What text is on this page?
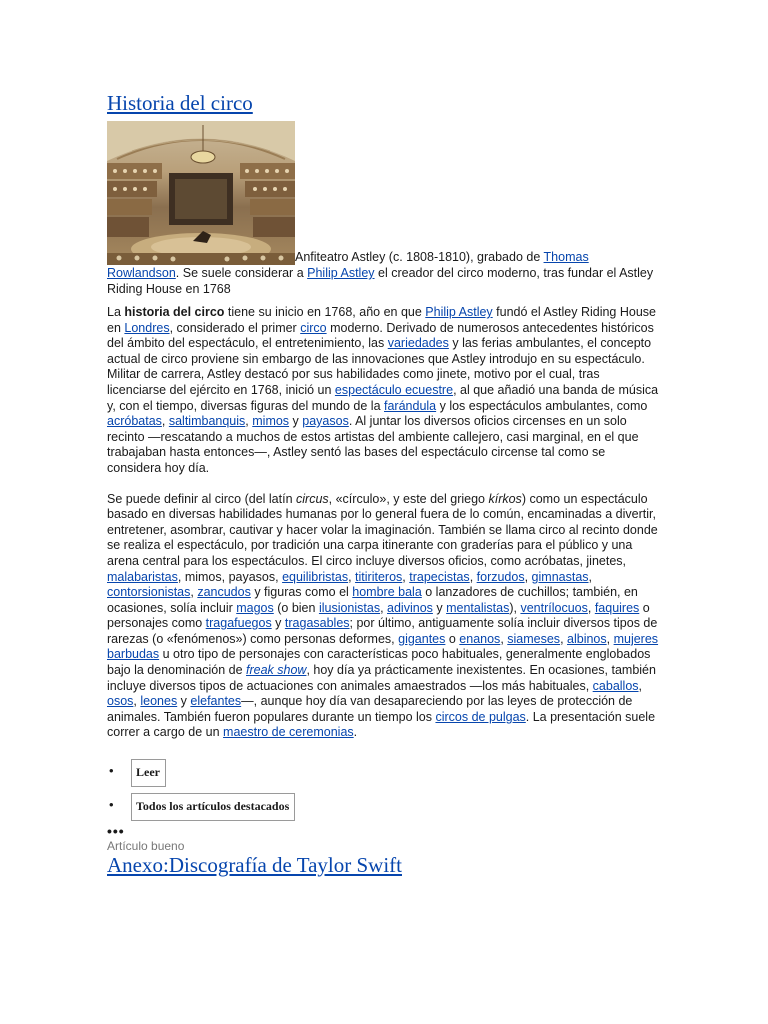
Historia del circo
Anfiteatro Astley (c. 1808-1810), grabado de Thomas Rowlandson. Se suele considerar a Philip Astley el creador del circo moderno, tras fundar el Astley Riding House en 1768

La historia del circo tiene su inicio en 1768, año en que Philip Astley fundó el Astley Riding House en Londres, considerado el primer circo moderno. Derivado de numerosos antecedentes históricos del ámbito del espectáculo, el entretenimiento, las variedades y las ferias ambulantes, el concepto actual de circo proviene sin embargo de las innovaciones que Astley introdujo en su espectáculo. Militar de carrera, Astley destacó por sus habilidades como jinete, motivo por el cual, tras licenciarse del ejército en 1768, inició un espectáculo ecuestre, al que añadió una banda de música y, con el tiempo, diversas figuras del mundo de la farándula y los espectáculos ambulantes, como acróbatas, saltimbanquis, mimos y payasos. Al juntar los diversos oficios circenses en un solo recinto —rescatando a muchos de estos artistas del ambiente callejero, casi marginal, en el que trabajaban hasta entonces—, Astley sentó las bases del espectáculo circense tal como se considera hoy día.

Se puede definir al circo (del latín circus, «círculo», y este del griego kírkos) como un espectáculo basado en diversas habilidades humanas por lo general fuera de lo común, encaminadas a divertir, entretener, asombrar, cautivar y hacer volar la imaginación. También se llama circo al recinto donde se realiza el espectáculo, por tradición una carpa itinerante con graderías para el público y una arena central para los espectáculos. El circo incluye diversos oficios, como acróbatas, jinetes, malabaristas, mimos, payasos, equilibristas, titiriteros, trapecistas, forzudos, gimnastas, contorsionistas, zancudos y figuras como el hombre bala o lanzadores de cuchillos; también, en ocasiones, solía incluir magos (o bien ilusionistas, adivinos y mentalistas), ventrílocuos, faquires o personajes como tragafuegos y tragasables; por último, antiguamente solía incluir diversos tipos de rarezas (o «fenómenos») como personas deformes, gigantes o enanos, siameses, albinos, mujeres barbudas u otro tipo de personajes con características poco habituales, generalmente englobados bajo la denominación de freak show, hoy día ya prácticamente inexistentes. En ocasiones, también incluye diversos tipos de actuaciones con animales amaestrados —los más habituales, caballos, osos, leones y elefantes—, aunque hoy día van desapareciendo por las leyes de protección de animales. También fueron populares durante un tiempo los circos de pulgas. La presentación suele correr a cargo de un maestro de ceremonias.

• Leer
• Todos los artículos destacados
•••
Artículo bueno
Anexo:Discografía de Taylor Swift
